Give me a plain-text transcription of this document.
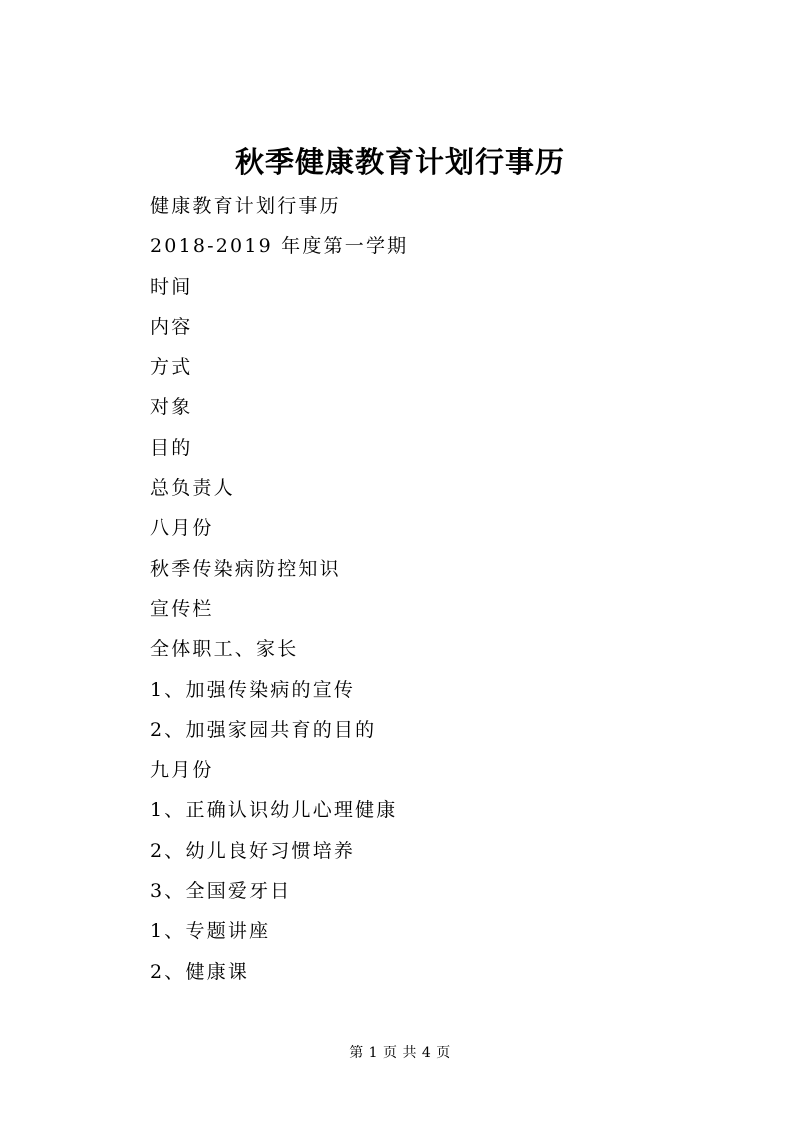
秋季健康教育计划行事历
健康教育计划行事历
2018-2019 年度第一学期
时间
内容
方式
对象
目的
总负责人
八月份
秋季传染病防控知识
宣传栏
全体职工、家长
1、加强传染病的宣传
2、加强家园共育的目的
九月份
1、正确认识幼儿心理健康
2、幼儿良好习惯培养
3、全国爱牙日
1、专题讲座
2、健康课
第 1 页 共 4 页
